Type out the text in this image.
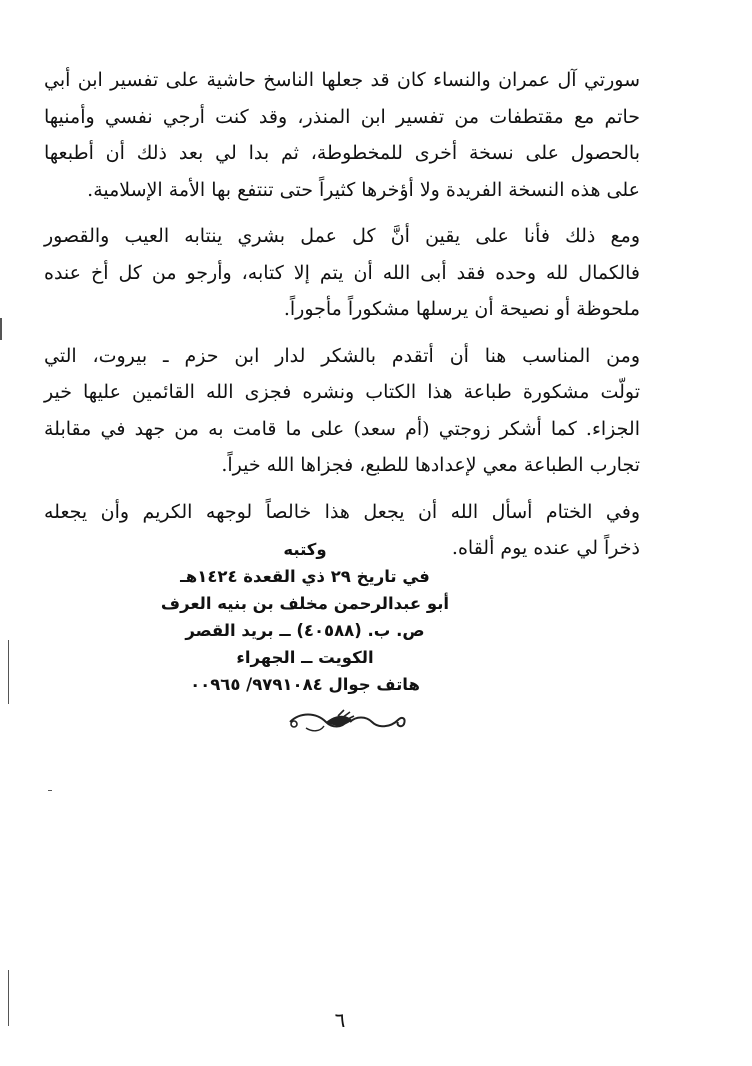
سورتي آل عمران والنساء كان قد جعلها الناسخ حاشية على تفسير ابن أبي
حاتم مع مقتطفات من تفسير ابن المنذر، وقد كنت أرجي نفسي وأمنيها
بالحصول على نسخة أخرى للمخطوطة، ثم بدا لي بعد ذلك أن أطبعها
على هذه النسخة الفريدة ولا أؤخرها كثيراً حتى تنتفع بها الأمة الإسلامية.

ومع ذلك فأنا على يقين أنَّ كل عمل بشري ينتابه العيب والقصور
فالكمال لله وحده فقد أبى الله أن يتم إلا كتابه، وأرجو من كل أخ عنده
ملحوظة أو نصيحة أن يرسلها مشكوراً مأجوراً.

ومن المناسب هنا أن أتقدم بالشكر لدار ابن حزم ـ بيروت، التي
تولّت مشكورة طباعة هذا الكتاب ونشره فجزى الله القائمين عليها خير
الجزاء. كما أشكر زوجتي (أم سعد) على ما قامت به من جهد في مقابلة
تجارب الطباعة معي لإعدادها للطبع، فجزاها الله خيراً.

وفي الختام أسأل الله أن يجعل هذا خالصاً لوجهه الكريم وأن يجعله
ذخراً لي عنده يوم ألقاه.

وكتبه
في تاريخ ٢٩ ذي القعدة ١٤٢٤هـ
أبو عبدالرحمن مخلف بن بنيه العرف
ص. ب. (٤٠٥٨٨) ــ بريد القصر
الكويت ــ الجهراء
هاتف جوال ٩٧٩١٠٨٤/ ٠٠٩٦٥
٦
